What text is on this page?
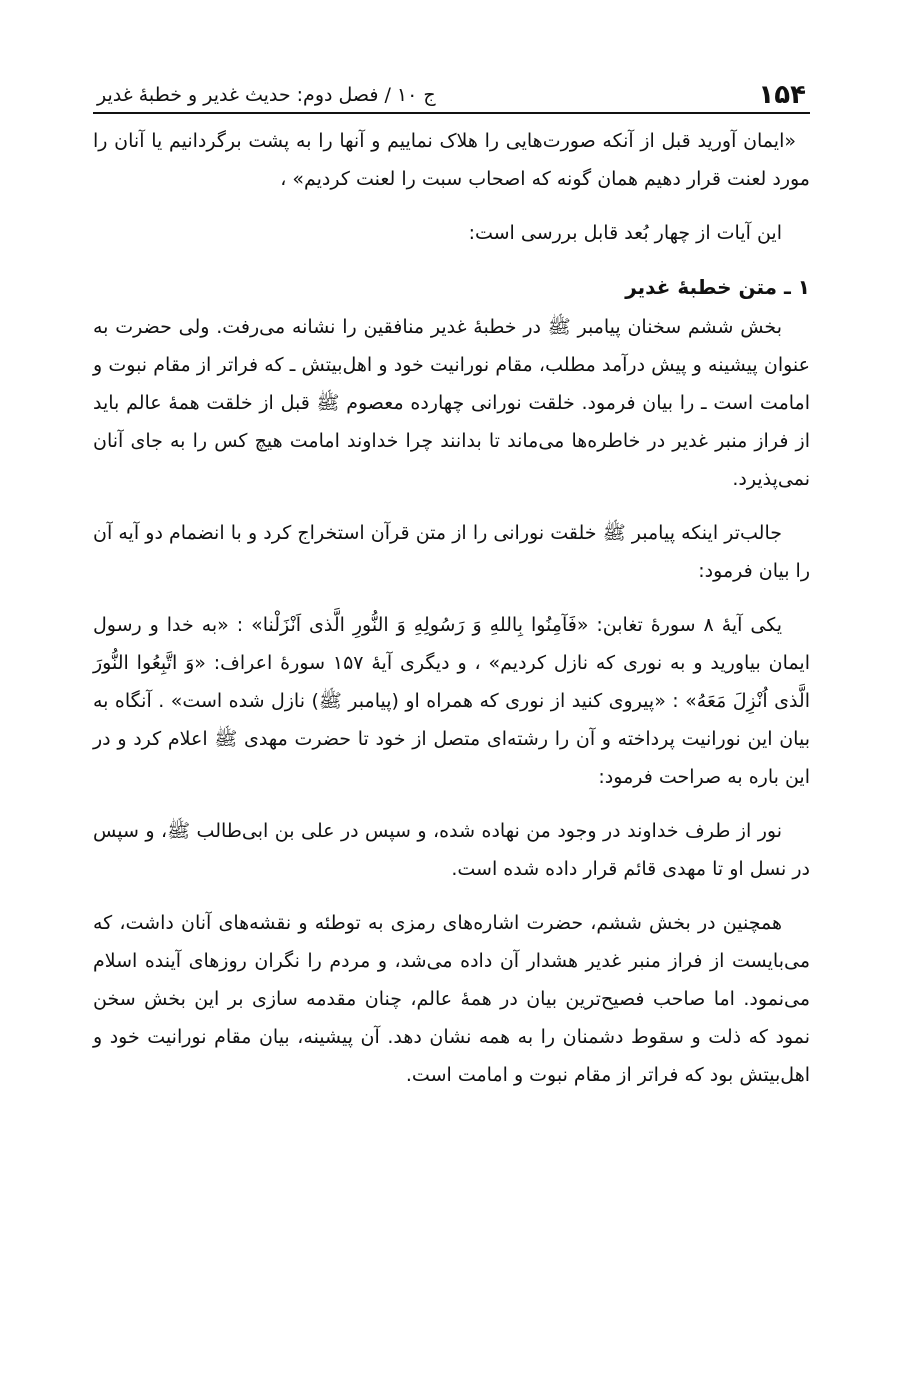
۱۵۴
ج ۱۰ / فصل دوم: حدیث غدیر و خطبهٔ غدیر

«ایمان آورید قبل از آنکه صورت‌هایی را هلاک نماییم و آنها را به پشت برگردانیم یا آنان را مورد لعنت قرار دهیم همان گونه که اصحاب سبت را لعنت کردیم» ،

این آیات از چهار بُعد قابل بررسی است:

۱ ـ متن خطبهٔ غدیر

بخش ششم سخنان پیامبر ﷺ در خطبهٔ غدیر منافقین را نشانه می‌رفت. ولی حضرت به عنوان پیشینه و پیش درآمد مطلب، مقام نورانیت خود و اهل‌بیتش ـ که فراتر از مقام نبوت و امامت است ـ را بیان فرمود. خلقت نورانی چهارده معصوم ﷺ قبل از خلقت همهٔ عالم باید از فراز منبر غدیر در خاطره‌ها می‌ماند تا بدانند چرا خداوند امامت هیچ کس را به جای آنان نمی‌پذیرد.

جالب‌تر اینکه پیامبر ﷺ خلقت نورانی را از متن قرآن استخراج کرد و با انضمام دو آیه آن را بیان فرمود:

یکی آیهٔ ۸ سورهٔ تغابن: «فَآمِنُوا بِاللهِ وَ رَسُولِهِ وَ النُّورِ الَّذی اَنْزَلْنا» : «به خدا و رسول ایمان بیاورید و به نوری که نازل کردیم» ، و دیگری آیهٔ ۱۵۷ سورهٔ اعراف: «وَ اتَّبِعُوا النُّورَ الَّذی اُنْزِلَ مَعَهُ» : «پیروی کنید از نوری که همراه او (پیامبر ﷺ) نازل شده است» . آنگاه به بیان این نورانیت پرداخته و آن را رشته‌ای متصل از خود تا حضرت مهدی ﷺ اعلام کرد و در این باره به صراحت فرمود:

نور از طرف خداوند در وجود من نهاده شده، و سپس در علی بن ابی‌طالب ﷺ، و سپس در نسل او تا مهدی قائم قرار داده شده است.

همچنین در بخش ششم، حضرت اشاره‌های رمزی به توطئه و نقشه‌های آنان داشت، که می‌بایست از فراز منبر غدیر هشدار آن داده می‌شد، و مردم را نگران روزهای آینده اسلام می‌نمود. اما صاحب فصیح‌ترین بیان در همهٔ عالم، چنان مقدمه سازی بر این بخش سخن نمود که ذلت و سقوط دشمنان را به همه نشان دهد. آن پیشینه، بیان مقام نورانیت خود و اهل‌بیتش بود که فراتر از مقام نبوت و امامت است.
